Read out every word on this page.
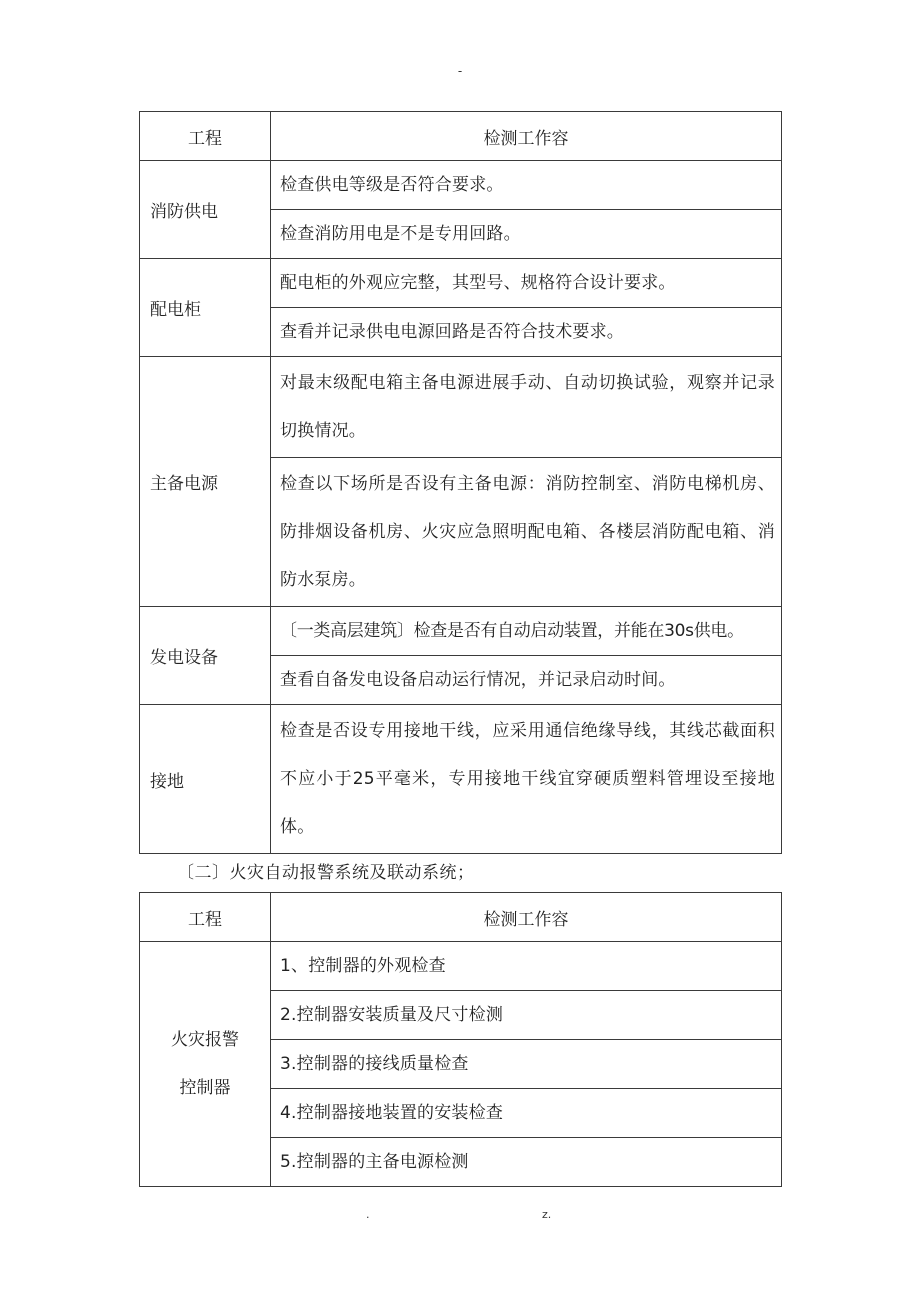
-
工程	检测工作容
消防供电	检查供电等级是否符合要求。
	检查消防用电是不是专用回路。
配电柜	配电柜的外观应完整，其型号、规格符合设计要求。
	查看并记录供电电源回路是否符合技术要求。
主备电源	对最末级配电箱主备电源进展手动、自动切换试验，观察并记录切换情况。
	检查以下场所是否设有主备电源：消防控制室、消防电梯机房、防排烟设备机房、火灾应急照明配电箱、各楼层消防配电箱、消防水泵房。
发电设备	〔一类高层建筑〕检查是否有自动启动装置，并能在30s供电。
	查看自备发电设备启动运行情况，并记录启动时间。
接地	检查是否设专用接地干线，应采用通信绝缘导线，其线芯截面积不应小于25平毫米，专用接地干线宜穿硬质塑料管埋设至接地体。
〔二〕火灾自动报警系统及联动系统；
工程	检测工作容

火灾报警
控制器	1、控制器的外观检查
	2.控制器安装质量及尺寸检测
	3.控制器的接线质量检查
	4.控制器接地装置的安装检查
	5.控制器的主备电源检测
.	z.
